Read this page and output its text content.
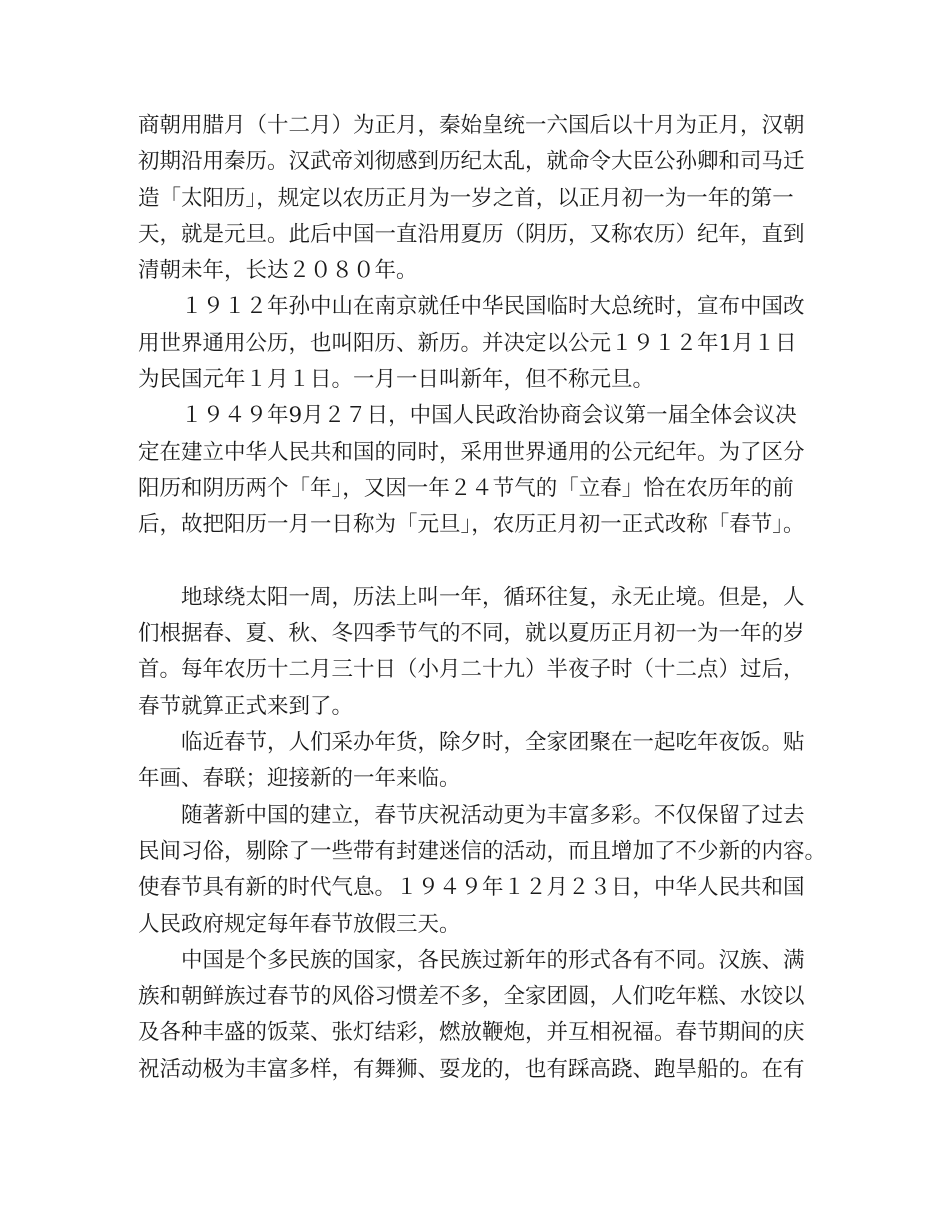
商朝用腊月（十二月）为正月，秦始皇统一六国后以十月为正月，汉朝
初期沿用秦历。汉武帝刘彻感到历纪太乱，就命令大臣公孙卿和司马迁
造「太阳历」，规定以农历正月为一岁之首，以正月初一为一年的第一
天，就是元旦。此后中国一直沿用夏历（阴历，又称农历）纪年，直到
清朝未年，长达２０８０年。
　　１９１２年孙中山在南京就任中华民国临时大总统时，宣布中国改
用世界通用公历，也叫阳历、新历。并决定以公元１９１２年1月１日
为民国元年１月１日。一月一日叫新年，但不称元旦。
　　１９４９年9月２７日，中国人民政治协商会议第一届全体会议决
定在建立中华人民共和国的同时，采用世界通用的公元纪年。为了区分
阳历和阴历两个「年」，又因一年２４节气的「立春」恰在农历年的前
后，故把阳历一月一日称为「元旦」，农历正月初一正式改称「春节」。
　　地球绕太阳一周，历法上叫一年，循环往复，永无止境。但是，人
们根据春、夏、秋、冬四季节气的不同，就以夏历正月初一为一年的岁
首。每年农历十二月三十日（小月二十九）半夜子时（十二点）过后，
春节就算正式来到了。
　　临近春节，人们采办年货，除夕时，全家团聚在一起吃年夜饭。贴
年画、春联；迎接新的一年来临。
　　随著新中国的建立，春节庆祝活动更为丰富多彩。不仅保留了过去
民间习俗，剔除了一些带有封建迷信的活动，而且增加了不少新的内容。
使春节具有新的时代气息。１９４９年１２月２３日，中华人民共和国
人民政府规定每年春节放假三天。
　　中国是个多民族的国家，各民族过新年的形式各有不同。汉族、满
族和朝鲜族过春节的风俗习惯差不多，全家团圆，人们吃年糕、水饺以
及各种丰盛的饭菜、张灯结彩，燃放鞭炮，并互相祝福。春节期间的庆
祝活动极为丰富多样，有舞狮、耍龙的，也有踩高跷、跑旱船的。在有
